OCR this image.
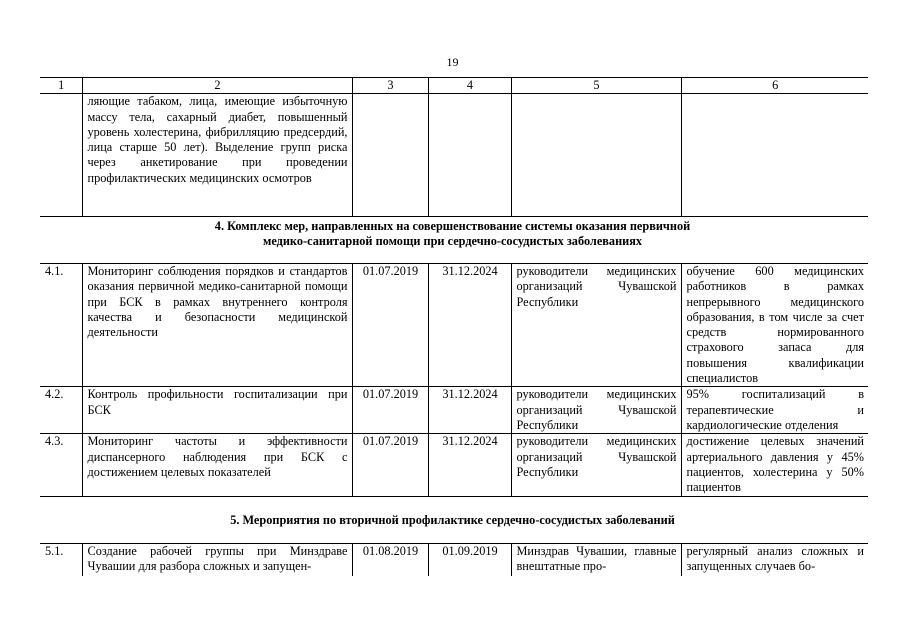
19
1	2	3	4	5	6
	ляющие табаком, лица, имеющие избыточную массу тела, сахарный диабет, повышенный уровень холестерина, фибрилляцию предсердий, лица старше 50 лет). Выделение групп риска через анкетирование при проведении профилактических медицинских осмотров				
4. Комплекс мер, направленных на совершенствование системы оказания первичной
медико-санитарной помощи при сердечно-сосудистых заболеваниях
4.1.	Мониторинг соблюдения порядков и стандартов оказания первичной медико-санитарной помощи при БСК в рамках внутреннего контроля качества и безопасности медицинской деятельности	01.07.2019	31.12.2024	руководители медицинских организаций Чувашской Республики	обучение 600 медицинских работников в рамках непрерывного медицинского образования, в том числе за счет средств нормированного страхового запаса для повышения квалификации специалистов
4.2.	Контроль профильности госпитализации при БСК	01.07.2019	31.12.2024	руководители медицинских организаций Чувашской Республики	95% госпитализаций в терапевтические и кардиологические отделения
4.3.	Мониторинг частоты и эффективности диспансерного наблюдения при БСК с достижением целевых показателей	01.07.2019	31.12.2024	руководители медицинских организаций Чувашской Республики	достижение целевых значений артериального давления у 45% пациентов, холестерина у 50% пациентов
5. Мероприятия по вторичной профилактике сердечно-сосудистых заболеваний
5.1.	Создание рабочей группы при Минздраве Чувашии для разбора сложных и запущен-	01.08.2019	01.09.2019	Минздрав Чувашии, главные внештатные про-	регулярный анализ сложных и запущенных случаев бо-
